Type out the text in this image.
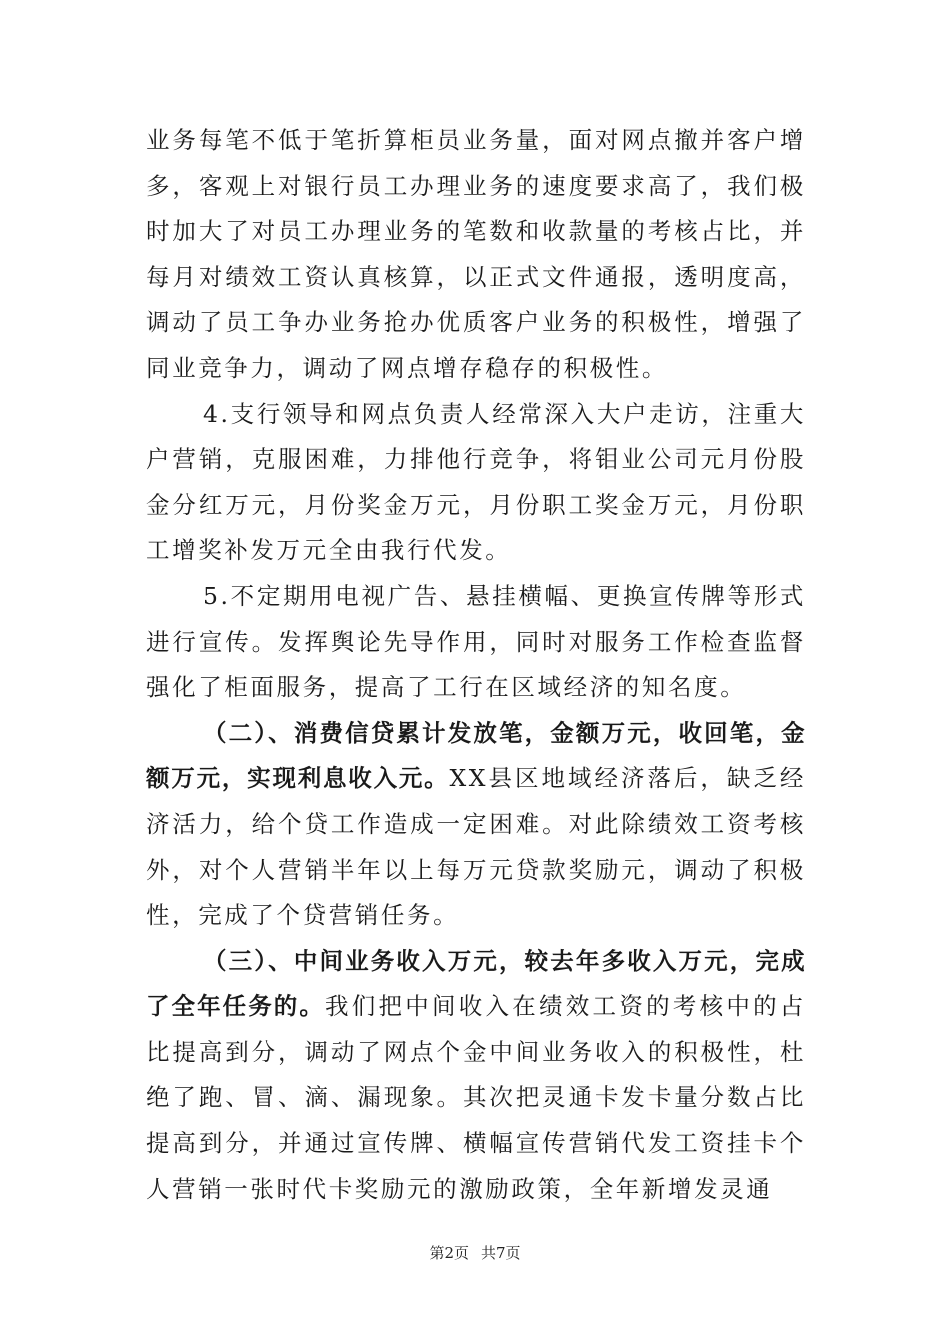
业务每笔不低于笔折算柜员业务量，面对网点撤并客户增多，客观上对银行员工办理业务的速度要求高了，我们极时加大了对员工办理业务的笔数和收款量的考核占比，并每月对绩效工资认真核算，以正式文件通报，透明度高，调动了员工争办业务抢办优质客户业务的积极性，增强了同业竞争力，调动了网点增存稳存的积极性。

4.支行领导和网点负责人经常深入大户走访，注重大户营销，克服困难，力排他行竞争，将钼业公司元月份股金分红万元，月份奖金万元，月份职工奖金万元，月份职工增奖补发万元全由我行代发。

5.不定期用电视广告、悬挂横幅、更换宣传牌等形式进行宣传。发挥舆论先导作用，同时对服务工作检查监督强化了柜面服务，提高了工行在区域经济的知名度。

（二）、消费信贷累计发放笔，金额万元，收回笔，金额万元，实现利息收入元。XX县区地域经济落后，缺乏经济活力，给个贷工作造成一定困难。对此除绩效工资考核外，对个人营销半年以上每万元贷款奖励元，调动了积极性，完成了个贷营销任务。

（三）、中间业务收入万元，较去年多收入万元，完成了全年任务的。我们把中间收入在绩效工资的考核中的占比提高到分，调动了网点个金中间业务收入的积极性，杜绝了跑、冒、滴、漏现象。其次把灵通卡发卡量分数占比提高到分，并通过宣传牌、横幅宣传营销代发工资挂卡个人营销一张时代卡奖励元的激励政策，全年新增发灵通

第2页 共7页
